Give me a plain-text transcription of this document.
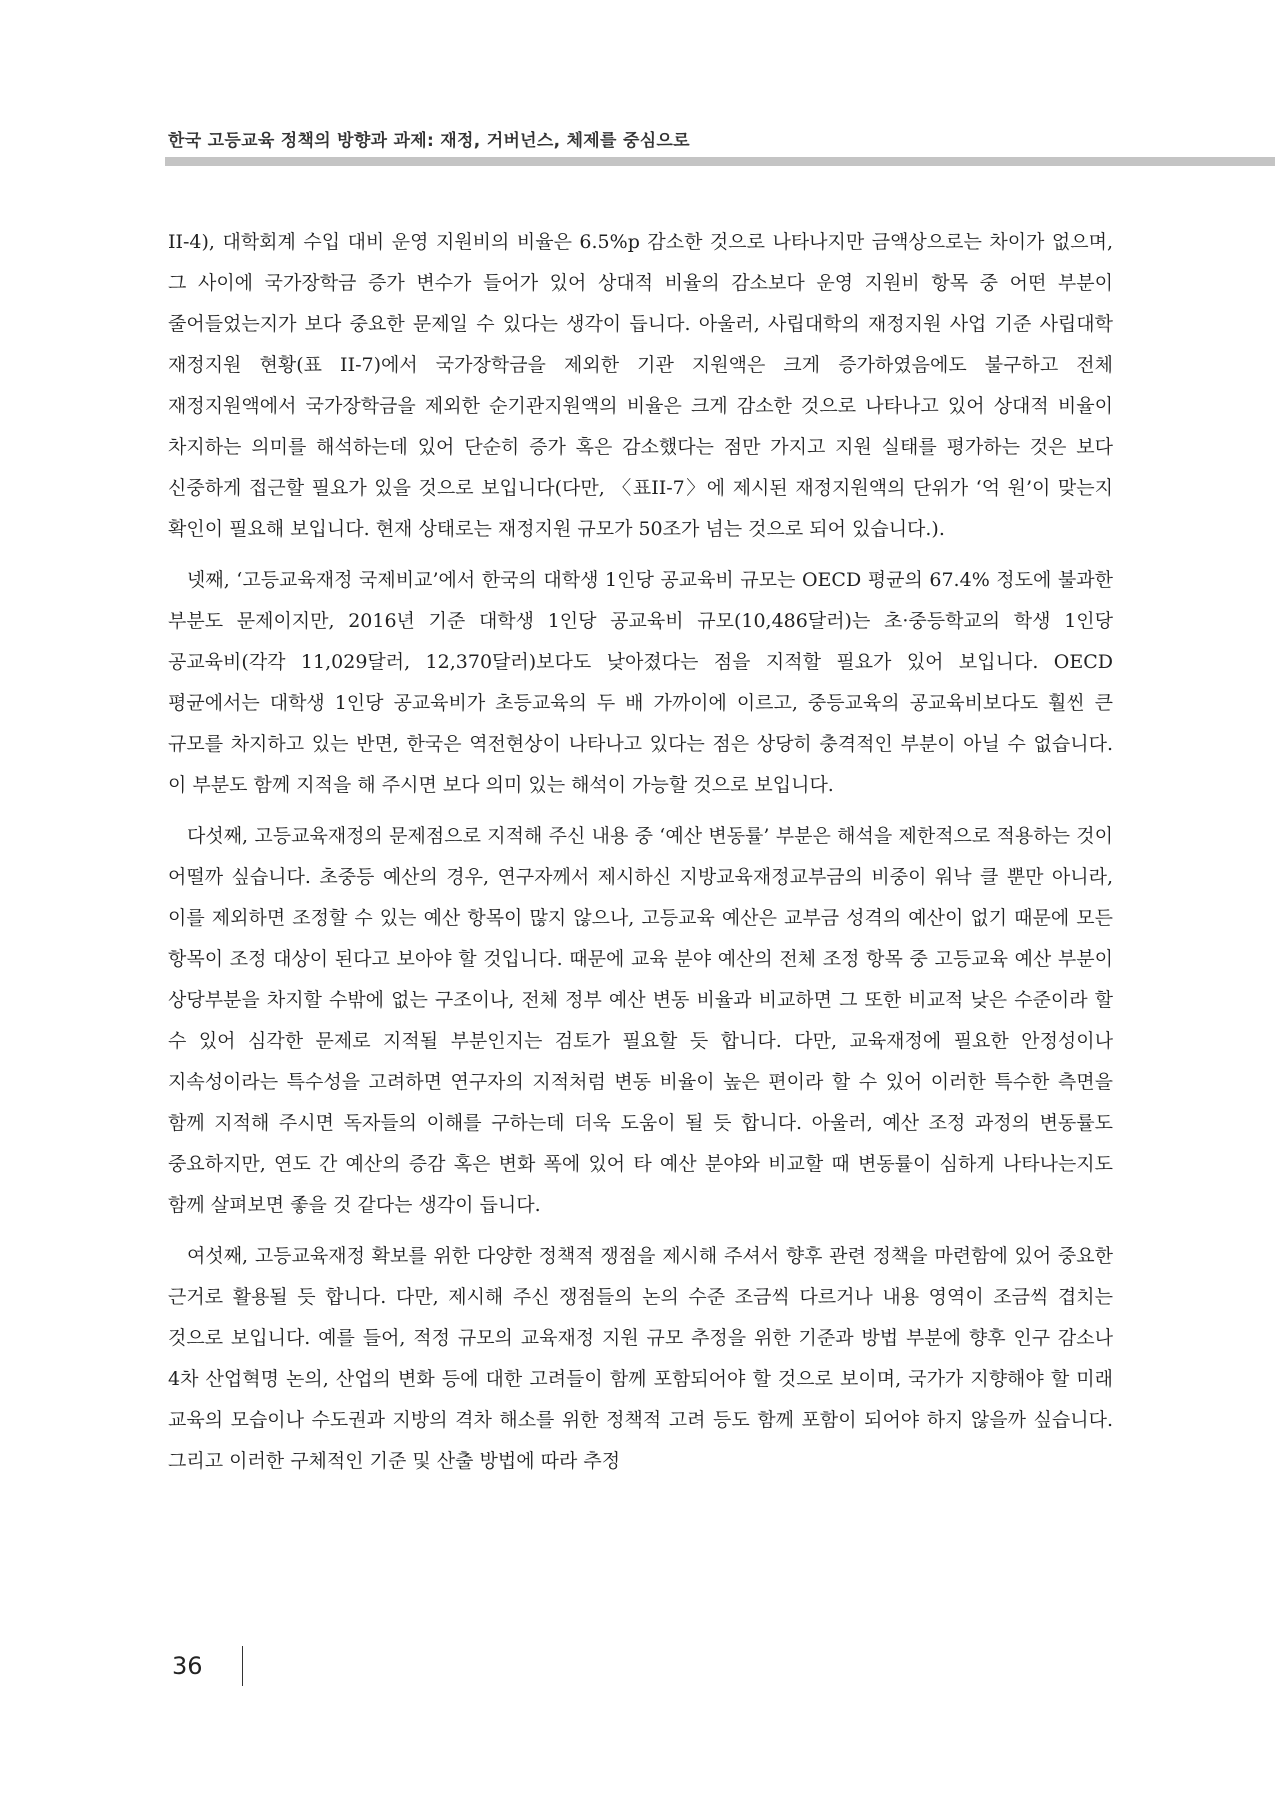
한국 고등교육 정책의 방향과 과제: 재정, 거버넌스, 체제를 중심으로

II-4), 대학회계 수입 대비 운영 지원비의 비율은 6.5%p 감소한 것으로 나타나지만 금액상으로는 차이가 없으며, 그 사이에 국가장학금 증가 변수가 들어가 있어 상대적 비율의 감소보다 운영 지원비 항목 중 어떤 부분이 줄어들었는지가 보다 중요한 문제일 수 있다는 생각이 듭니다. 아울러, 사립대학의 재정지원 사업 기준 사립대학 재정지원 현황(표 II-7)에서 국가장학금을 제외한 기관 지원액은 크게 증가하였음에도 불구하고 전체 재정지원액에서 국가장학금을 제외한 순기관지원액의 비율은 크게 감소한 것으로 나타나고 있어 상대적 비율이 차지하는 의미를 해석하는데 있어 단순히 증가 혹은 감소했다는 점만 가지고 지원 실태를 평가하는 것은 보다 신중하게 접근할 필요가 있을 것으로 보입니다(다만, 〈표II-7〉에 제시된 재정지원액의 단위가 ‘억 원’이 맞는지 확인이 필요해 보입니다. 현재 상태로는 재정지원 규모가 50조가 넘는 것으로 되어 있습니다.).

넷째, ‘고등교육재정 국제비교’에서 한국의 대학생 1인당 공교육비 규모는 OECD 평균의 67.4% 정도에 불과한 부분도 문제이지만, 2016년 기준 대학생 1인당 공교육비 규모(10,486달러)는 초·중등학교의 학생 1인당 공교육비(각각 11,029달러, 12,370달러)보다도 낮아졌다는 점을 지적할 필요가 있어 보입니다. OECD 평균에서는 대학생 1인당 공교육비가 초등교육의 두 배 가까이에 이르고, 중등교육의 공교육비보다도 훨씬 큰 규모를 차지하고 있는 반면, 한국은 역전현상이 나타나고 있다는 점은 상당히 충격적인 부분이 아닐 수 없습니다. 이 부분도 함께 지적을 해 주시면 보다 의미 있는 해석이 가능할 것으로 보입니다.

다섯째, 고등교육재정의 문제점으로 지적해 주신 내용 중 ‘예산 변동률’ 부분은 해석을 제한적으로 적용하는 것이 어떨까 싶습니다. 초중등 예산의 경우, 연구자께서 제시하신 지방교육재정교부금의 비중이 워낙 클 뿐만 아니라, 이를 제외하면 조정할 수 있는 예산 항목이 많지 않으나, 고등교육 예산은 교부금 성격의 예산이 없기 때문에 모든 항목이 조정 대상이 된다고 보아야 할 것입니다. 때문에 교육 분야 예산의 전체 조정 항목 중 고등교육 예산 부분이 상당부분을 차지할 수밖에 없는 구조이나, 전체 정부 예산 변동 비율과 비교하면 그 또한 비교적 낮은 수준이라 할 수 있어 심각한 문제로 지적될 부분인지는 검토가 필요할 듯 합니다. 다만, 교육재정에 필요한 안정성이나 지속성이라는 특수성을 고려하면 연구자의 지적처럼 변동 비율이 높은 편이라 할 수 있어 이러한 특수한 측면을 함께 지적해 주시면 독자들의 이해를 구하는데 더욱 도움이 될 듯 합니다. 아울러, 예산 조정 과정의 변동률도 중요하지만, 연도 간 예산의 증감 혹은 변화 폭에 있어 타 예산 분야와 비교할 때 변동률이 심하게 나타나는지도 함께 살펴보면 좋을 것 같다는 생각이 듭니다.

여섯째, 고등교육재정 확보를 위한 다양한 정책적 쟁점을 제시해 주셔서 향후 관련 정책을 마련함에 있어 중요한 근거로 활용될 듯 합니다. 다만, 제시해 주신 쟁점들의 논의 수준 조금씩 다르거나 내용 영역이 조금씩 겹치는 것으로 보입니다. 예를 들어, 적정 규모의 교육재정 지원 규모 추정을 위한 기준과 방법 부분에 향후 인구 감소나 4차 산업혁명 논의, 산업의 변화 등에 대한 고려들이 함께 포함되어야 할 것으로 보이며, 국가가 지향해야 할 미래 교육의 모습이나 수도권과 지방의 격차 해소를 위한 정책적 고려 등도 함께 포함이 되어야 하지 않을까 싶습니다. 그리고 이러한 구체적인 기준 및 산출 방법에 따라 추정

36
